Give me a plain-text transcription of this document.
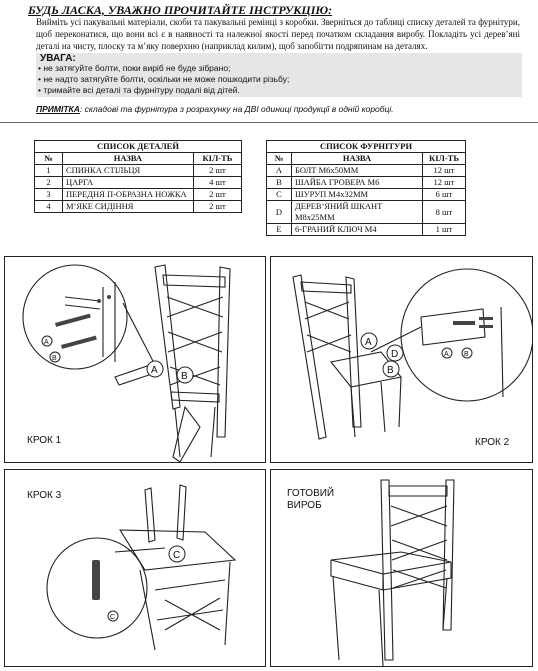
БУДЬ ЛАСКА, УВАЖНО ПРОЧИТАЙТЕ ІНСТРУКЦІЮ:
Вийміть усі пакувальні матеріали, скоби та пакувальні ремінці з коробки. Зверніться до таблиці списку деталей та фурнітури, щоб переконатися, що вони всі є в наявності та належної якості перед початком складання виробу. Покладіть усі дерев’яні деталі на чисту, плоску та м’яку поверхню (наприклад килим), щоб запобігти подряпинам на деталях.
УВАГА:
• не затягуйте болти, поки виріб не буде зібрано;
• не надто затягуйте болти, оскільки не може пошкодити різьбу;
• тримайте всі деталі та фурнітуру подалі від дітей.
ПРИМІТКА: складові та фурнітура з розрахунку на ДВІ одиниці продукції в одній коробці.
СПИСОК ДЕТАЛЕЙ		
№	НАЗВА	КІЛ-ТЬ
1	СПИНКА СТІЛЬЦЯ	2 шт
2	ЦАРГА	4 шт
3	ПЕРЕДНЯ П-ОБРАЗНА НОЖКА	2 шт
4	М’ЯКЕ СИДІННЯ	2 шт
СПИСОК ФУРНІТУРИ		
№	НАЗВА	КІЛ-ТЬ
A	БОЛТ М6х50ММ	12 шт
B	ШАЙБА ГРОВЕРА М6	12 шт
C	ШУРУП М4х32ММ	6 шт
D	ДЕРЕВ’ЯНИЙ ШКАНТ М8х25ММ	8 шт
E	6-ГРАНИЙ КЛЮЧ М4	1 шт
A
B
A
B
КРОК 1
A
D
B
A B
КРОК 2
C
C
КРОК 3	ГОТОВИЙ
ВИРОБ
